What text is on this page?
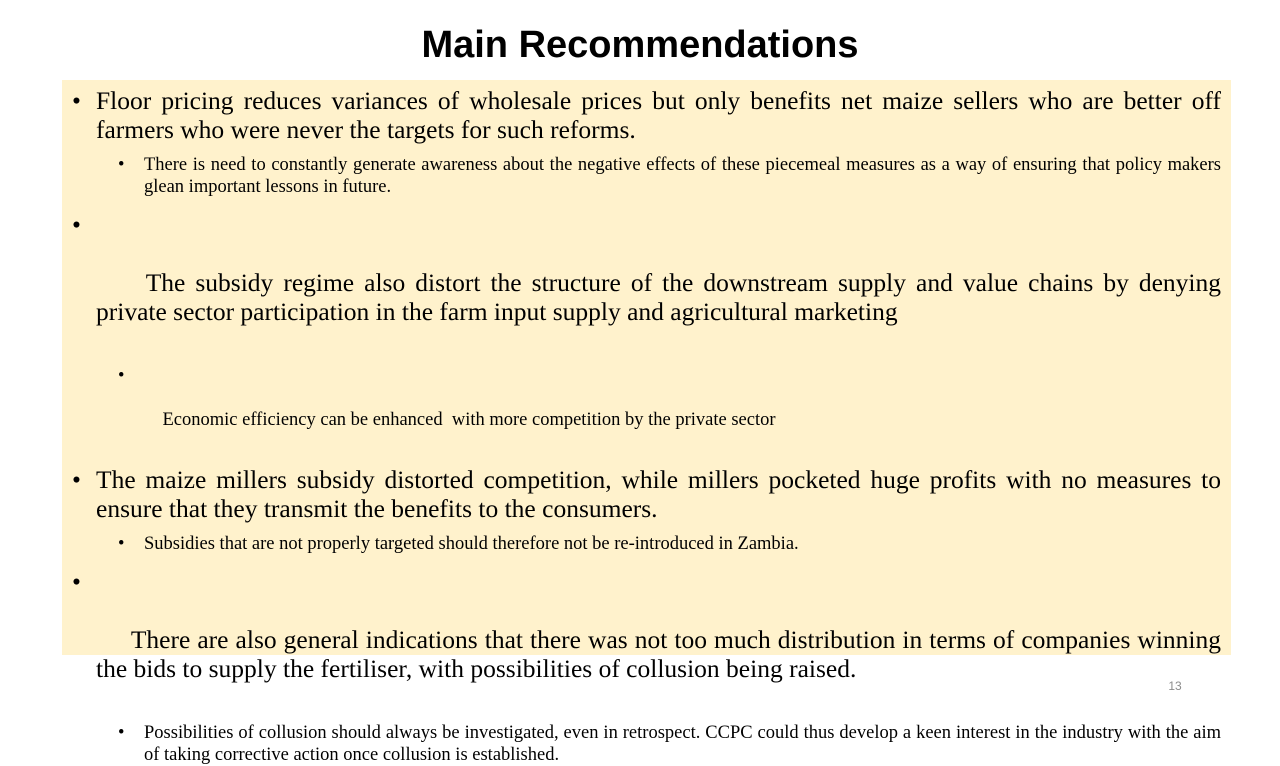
Main Recommendations
• Floor pricing reduces variances of wholesale prices but only benefits net maize sellers who are better off farmers who were never the targets for such reforms.
• There is need to constantly generate awareness about the negative effects of these piecemeal measures as a way of ensuring that policy makers glean important lessons in future.

•

The subsidy regime also distort the structure of the downstream supply and value chains by denying private sector participation in the farm input supply and agricultural marketing

•

Economic efficiency can be enhanced  with more competition by the private sector

• The maize millers subsidy distorted competition, while millers pocketed huge profits with no measures to ensure that they transmit the benefits to the consumers.
• Subsidies that are not properly targeted should therefore not be re-introduced in Zambia.

•

There are also general indications that there was not too much distribution in terms of companies winning the bids to supply the fertiliser, with possibilities of collusion being raised.

• Possibilities of collusion should always be investigated, even in retrospect. CCPC could thus develop a keen interest in the industry with the aim of taking corrective action once collusion is established.
13
